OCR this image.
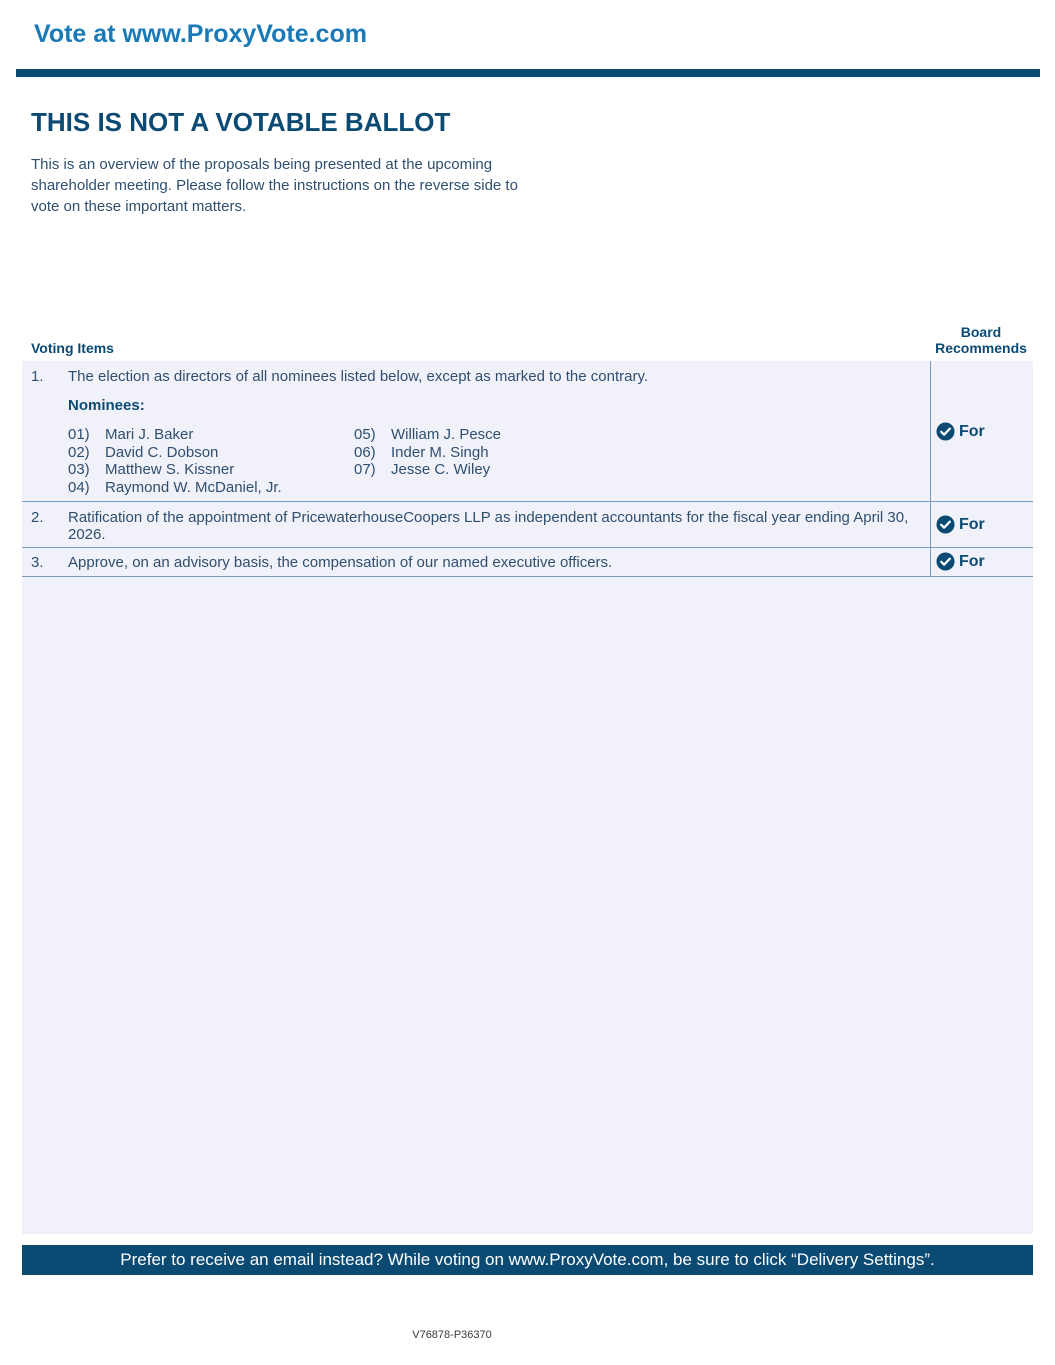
Vote at www.ProxyVote.com
THIS IS NOT A VOTABLE BALLOT
This is an overview of the proposals being presented at the upcoming shareholder meeting. Please follow the instructions on the reverse side to vote on these important matters.
Voting Items
Board
Recommends
1. The election as directors of all nominees listed below, except as marked to the contrary.
Nominees:
01) Mari J. Baker
02) David C. Dobson
03) Matthew S. Kissner
04) Raymond W. McDaniel, Jr.
05) William J. Pesce
06) Inder M. Singh
07) Jesse C. Wiley
For
2. Ratification of the appointment of PricewaterhouseCoopers LLP as independent accountants for the fiscal year ending April 30, 2026.
For
3. Approve, on an advisory basis, the compensation of our named executive officers.	For
Prefer to receive an email instead? While voting on www.ProxyVote.com, be sure to click “Delivery Settings”.
V76878-P36370
